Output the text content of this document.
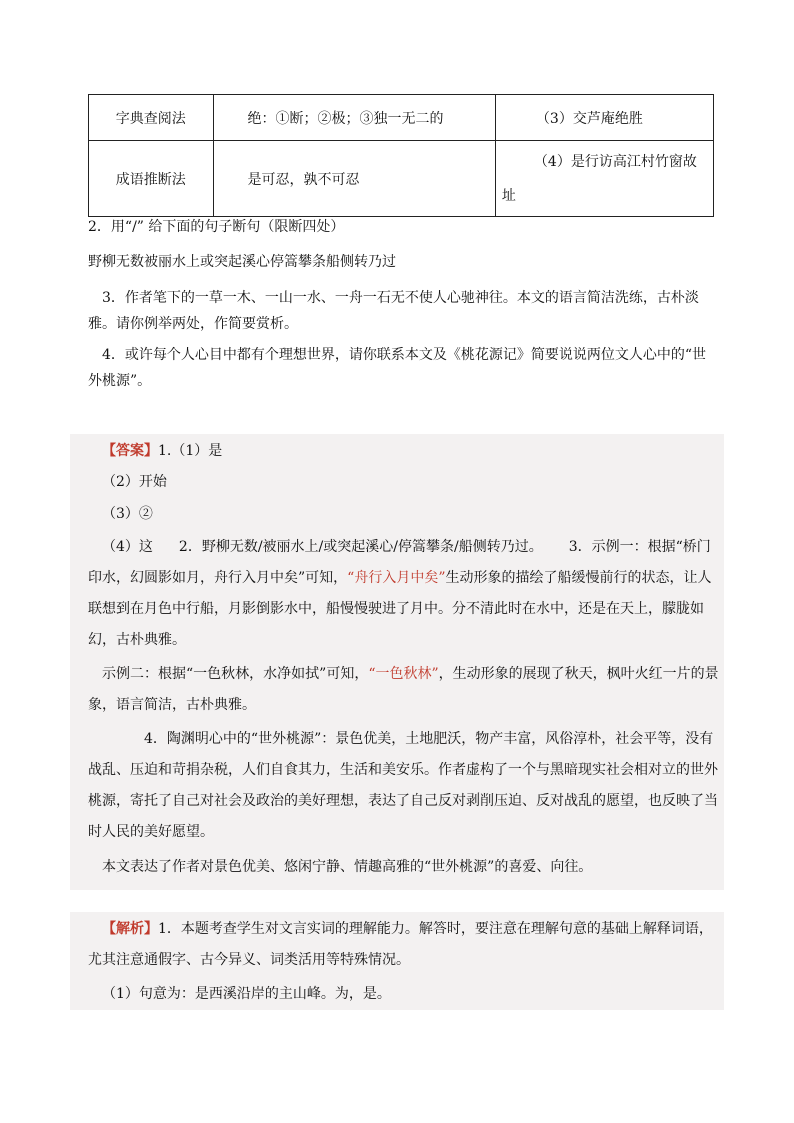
字典查阅法	绝：①断；②极；③独一无二的	（3）交芦庵绝胜
成语推断法	是可忍，孰不可忍	（4）是行访高江村竹窗故址

2．用“/” 给下面的句子断句（限断四处）

野柳无数被丽水上或突起溪心停篙攀条船侧转乃过

3．作者笔下的一草一木、一山一水、一舟一石无不使人心驰神往。本文的语言简洁洗练，古朴淡雅。请你例举两处，作简要赏析。

4．或许每个人心目中都有个理想世界，请你联系本文及《桃花源记》简要说说两位文人心中的“世外桃源”。

【答案】1.（1）是

（2）开始

（3）②

（4）这 2．野柳无数/被丽水上/或突起溪心/停篙攀条/船侧转乃过。 3．示例一：根据“桥门印水，幻圆影如月，舟行入月中矣”可知，“舟行入月中矣”生动形象的描绘了船缓慢前行的状态，让人联想到在月色中行船，月影倒影水中，船慢慢驶进了月中。分不清此时在水中，还是在天上，朦胧如幻，古朴典雅。

示例二：根据“一色秋林，水净如拭”可知，“一色秋林”，生动形象的展现了秋天，枫叶火红一片的景象，语言简洁，古朴典雅。

4．陶渊明心中的“世外桃源”：景色优美，土地肥沃，物产丰富，风俗淳朴，社会平等，没有战乱、压迫和苛捐杂税，人们自食其力，生活和美安乐。作者虚构了一个与黑暗现实社会相对立的世外桃源，寄托了自己对社会及政治的美好理想，表达了自己反对剥削压迫、反对战乱的愿望，也反映了当时人民的美好愿望。

本文表达了作者对景色优美、悠闲宁静、情趣高雅的“世外桃源”的喜爱、向往。

【解析】1．本题考查学生对文言实词的理解能力。解答时，要注意在理解句意的基础上解释词语，尤其注意通假字、古今异义、词类活用等特殊情况。

（1）句意为：是西溪沿岸的主山峰。为，是。
